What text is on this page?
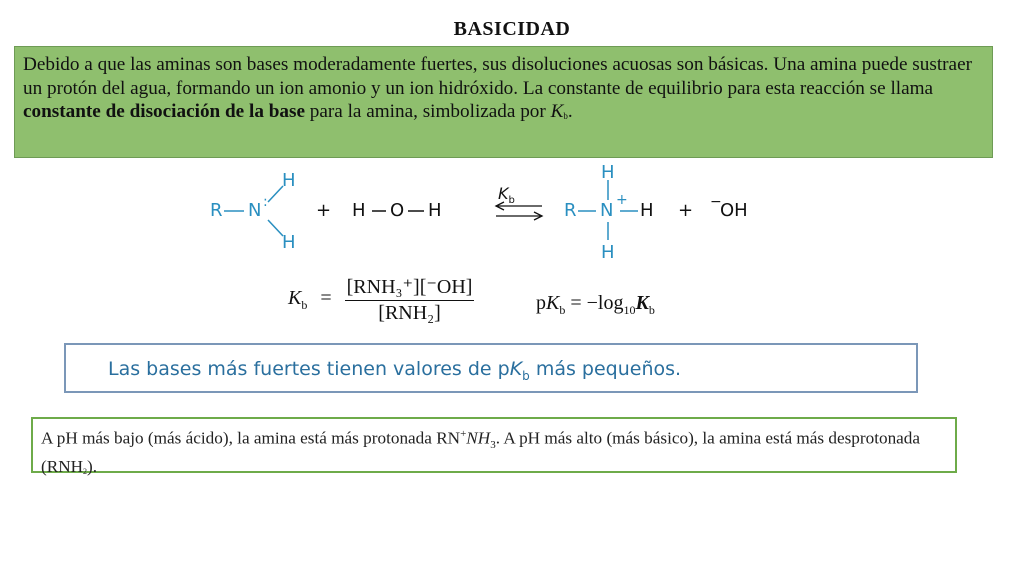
BASICIDAD
Debido a que las aminas son bases moderadamente fuertes, sus disoluciones acuosas son básicas. Una amina puede sustraer un protón del agua, formando un ion amonio y un ion hidróxido. La constante de equilibrio para esta reacción se llama constante de disociación de la base para la amina, simbolizada por $K_b$.
R N :
H
H
+ H O H
$K_b$	R N +
H
H
H
+ −
OH
$K_b = \frac{\text{[RNH₃⁺][⁻OH]}}{\text{[RNH₂]}}$	$pK_b = -\log_{10}K_b$
Las bases más fuertes tienen valores de $pK_b$ más pequeños.
A pH más bajo (más ácido), la amina está más protonada $RN^+NH_3$. A pH más alto (más básico), la amina está más desprotonada $(RNH_2)$.
